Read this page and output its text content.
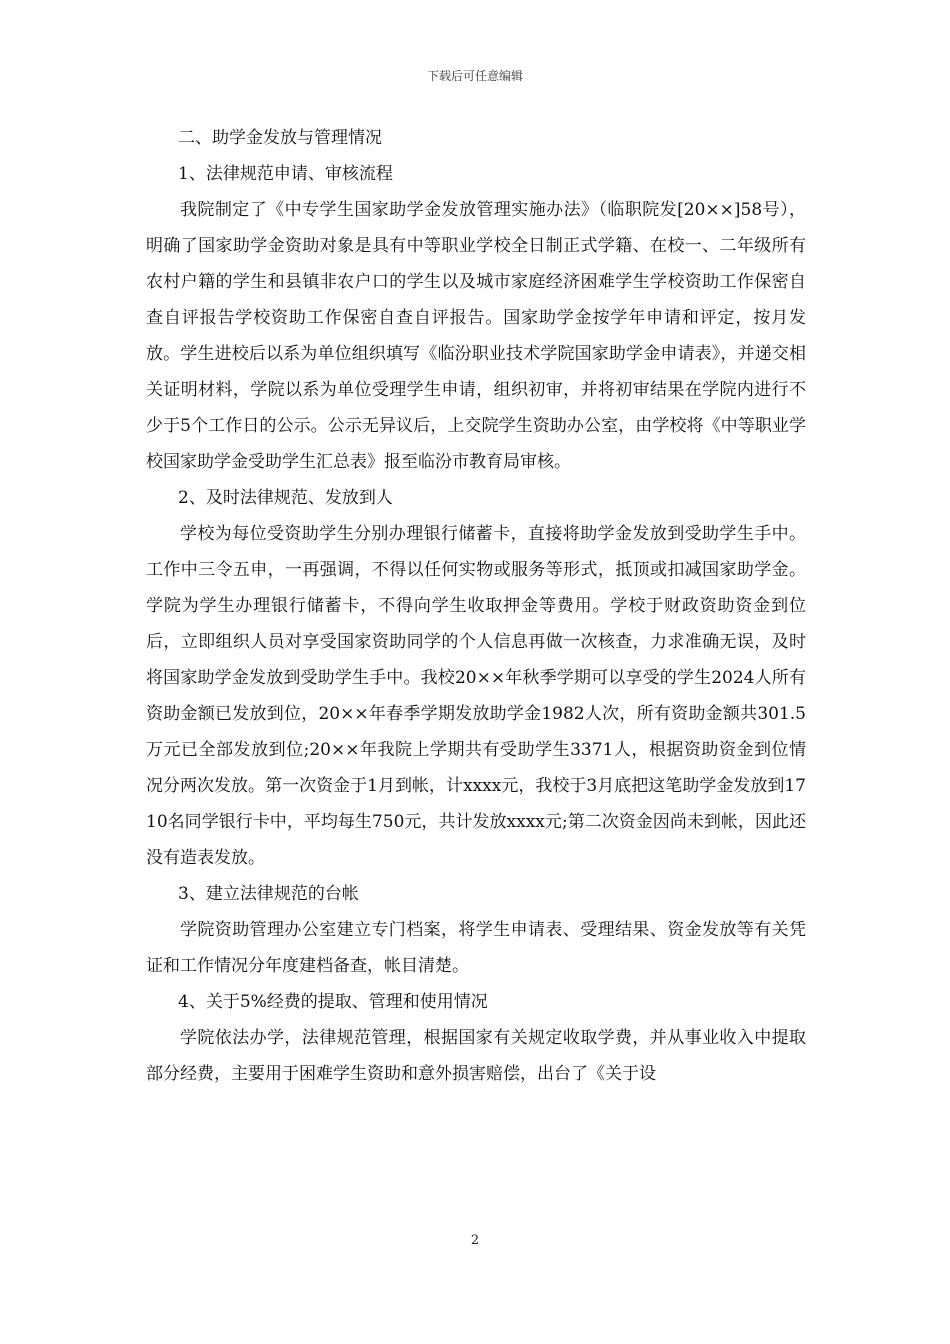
下载后可任意编辑
二、助学金发放与管理情况
1、法律规范申请、审核流程

我院制定了《中专学生国家助学金发放管理实施办法》（临职院发[20××]58号），明确了国家助学金资助对象是具有中等职业学校全日制正式学籍、在校一、二年级所有农村户籍的学生和县镇非农户口的学生以及城市家庭经济困难学生学校资助工作保密自查自评报告学校资助工作保密自查自评报告。国家助学金按学年申请和评定，按月发放。学生进校后以系为单位组织填写《临汾职业技术学院国家助学金申请表》，并递交相关证明材料，学院以系为单位受理学生申请，组织初审，并将初审结果在学院内进行不少于5个工作日的公示。公示无异议后，上交院学生资助办公室，由学校将《中等职业学校国家助学金受助学生汇总表》报至临汾市教育局审核。

2、及时法律规范、发放到人

学校为每位受资助学生分别办理银行储蓄卡，直接将助学金发放到受助学生手中。工作中三令五申，一再强调，不得以任何实物或服务等形式，抵顶或扣减国家助学金。学院为学生办理银行储蓄卡，不得向学生收取押金等费用。学校于财政资助资金到位后，立即组织人员对享受国家资助同学的个人信息再做一次核查，力求准确无误，及时将国家助学金发放到受助学生手中。我校20××年秋季学期可以享受的学生2024人所有资助金额已发放到位，20××年春季学期发放助学金1982人次，所有资助金额共301.5万元已全部发放到位;20××年我院上学期共有受助学生3371人，根据资助资金到位情况分两次发放。第一次资金于1月到帐，计xxxx元，我校于3月底把这笔助学金发放到1710名同学银行卡中，平均每生750元，共计发放xxxx元;第二次资金因尚未到帐，因此还没有造表发放。

3、建立法律规范的台帐

学院资助管理办公室建立专门档案，将学生申请表、受理结果、资金发放等有关凭证和工作情况分年度建档备查，帐目清楚。

4、关于5%经费的提取、管理和使用情况

学院依法办学，法律规范管理，根据国家有关规定收取学费，并从事业收入中提取部分经费，主要用于困难学生资助和意外损害赔偿，出台了《关于设

2
